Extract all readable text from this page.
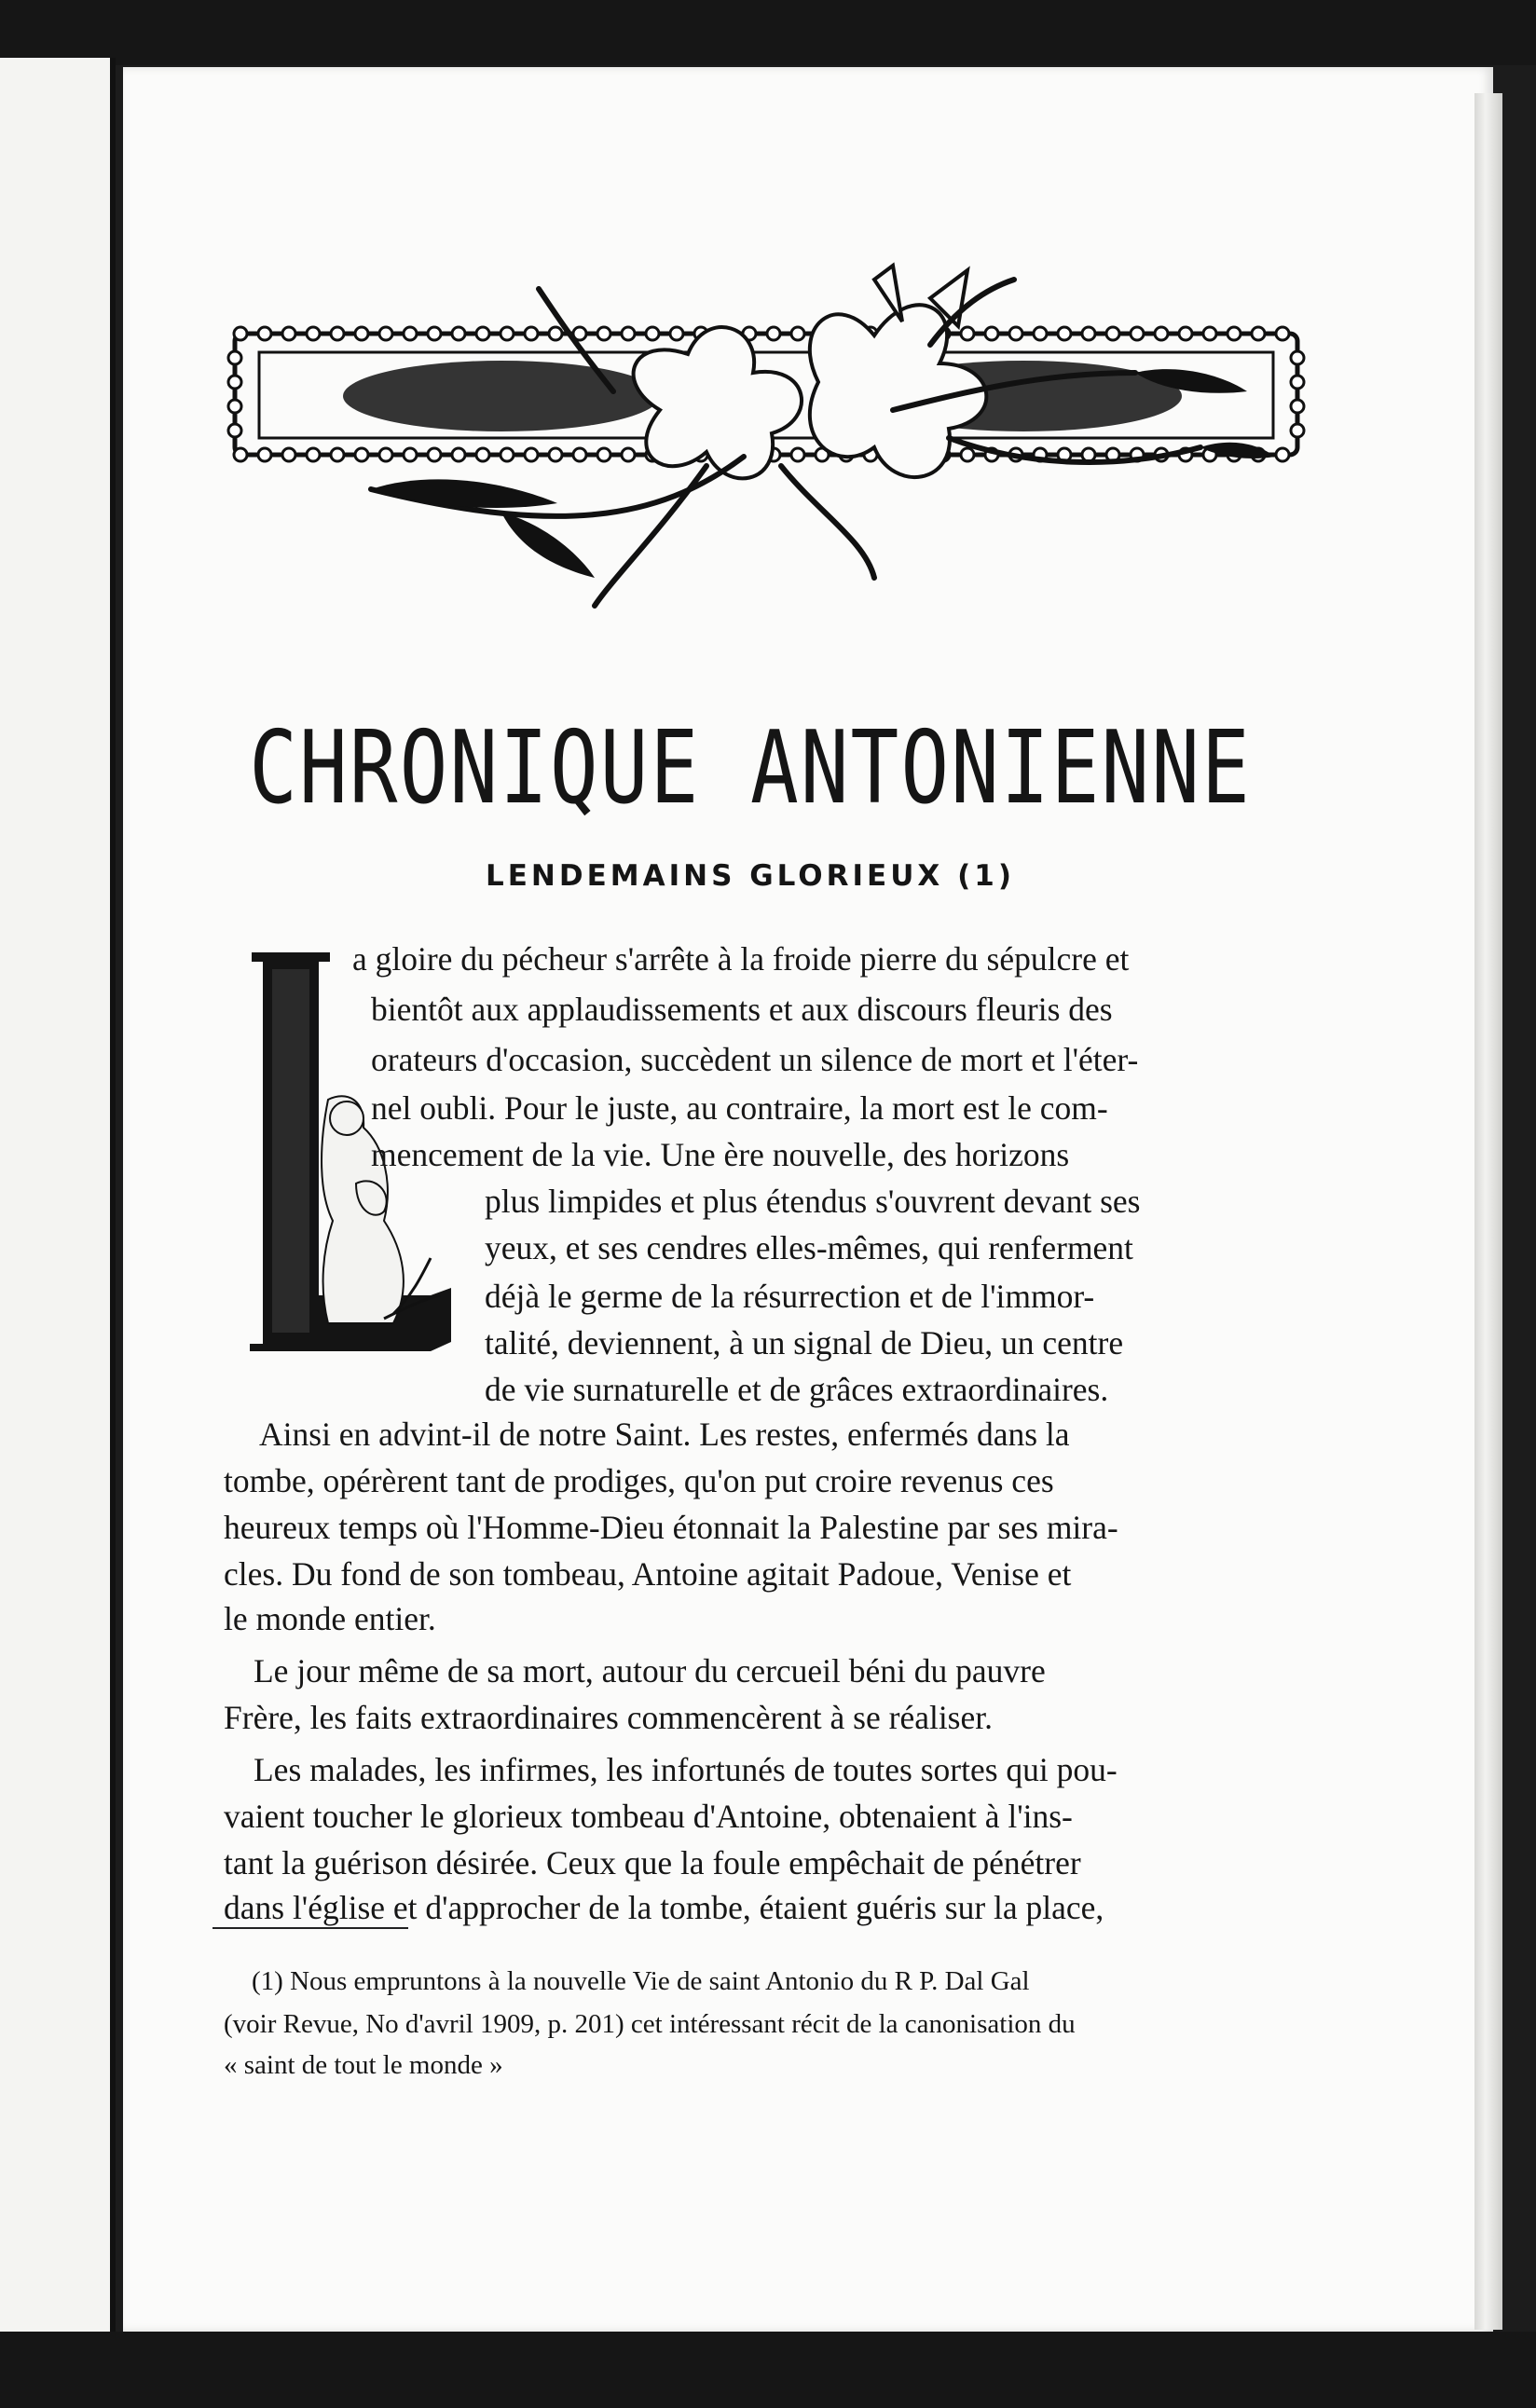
CHRONIQUE ANTONIENNE
LENDEMAINS GLORIEUX (1)

a gloire du pécheur s'arrête à la froide pierre du sépulcre et

bientôt aux applaudissements et aux discours fleuris des

orateurs d'occasion, succèdent un silence de mort et l'éter-

nel oubli. Pour le juste, au contraire, la mort est le com-

mencement de la vie. Une ère nouvelle, des horizons

plus limpides et plus étendus s'ouvrent devant ses

yeux, et ses cendres elles-mêmes, qui renferment

déjà le germe de la résurrection et de l'immor-

talité, deviennent, à un signal de Dieu, un centre

de vie surnaturelle et de grâces extraordinaires.

Ainsi en advint-il de notre Saint. Les restes, enfermés dans la

tombe, opérèrent tant de prodiges, qu'on put croire revenus ces

heureux temps où l'Homme-Dieu étonnait la Palestine par ses mira-

cles. Du fond de son tombeau, Antoine agitait Padoue, Venise et

le monde entier.

Le jour même de sa mort, autour du cercueil béni du pauvre

Frère, les faits extraordinaires commencèrent à se réaliser.

Les malades, les infirmes, les infortunés de toutes sortes qui pou-

vaient toucher le glorieux tombeau d'Antoine, obtenaient à l'ins-

tant la guérison désirée. Ceux que la foule empêchait de pénétrer

dans l'église et d'approcher de la tombe, étaient guéris sur la place,

(1) Nous empruntons à la nouvelle Vie de saint Antonio du R P. Dal Gal

(voir Revue, No d'avril 1909, p. 201) cet intéressant récit de la canonisation du

« saint de tout le monde »
